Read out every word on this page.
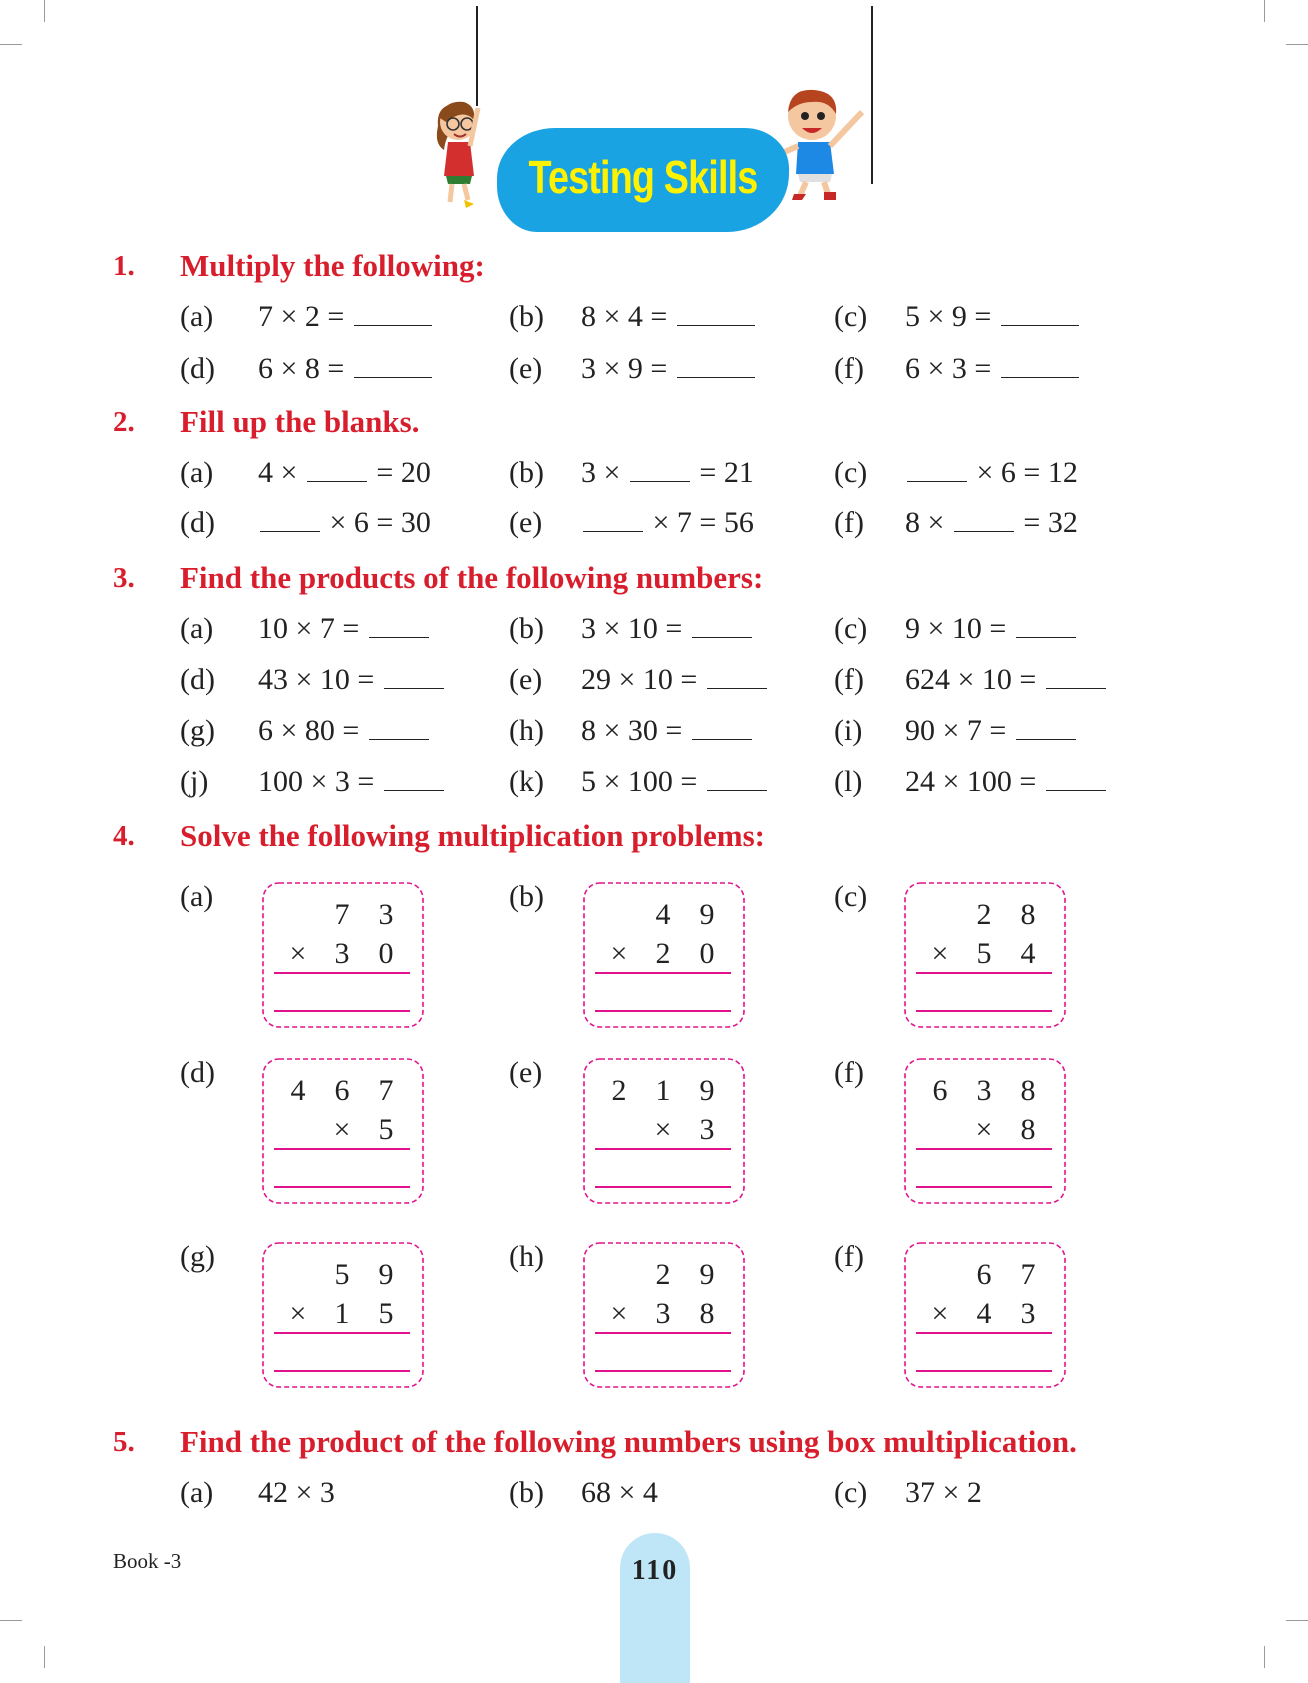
Testing Skills
1. Multiply the following:
(a) 7 × 2 =	(b) 8 × 4 =	(c) 5 × 9 =
(d) 6 × 8 =	(e) 3 × 9 =	(f) 6 × 3 =
2. Fill up the blanks.
(a) 4 ×	= 20	(b) 3 ×	= 21	(c)	× 6 = 12
(d)	× 6 = 30	(e)	× 7 = 56	(f) 8 ×	= 32
3. Find the products of the following numbers:
(a) 10 × 7 =	(b) 3 × 10 =	(c) 9 × 10 =
(d) 43 × 10 =	(e) 29 × 10 =	(f) 624 × 10 =
(g) 6 × 80 =	(h) 8 × 30 =	(i) 90 × 7 =
(j) 100 × 3 =	(k) 5 × 100 =	(l) 24 × 100 =
4. Solve the following multiplication problems:
(a)
7 3
× 3 0
(b)
4 9
× 2 0
(c)
2 8
× 5 4
(d)
4 6 7
× 5
(e)
2 1 9
× 3
(f)
6 3 8
× 8
(g)
5 9
× 1 5
(h)
2 9
× 3 8
(f)
6 7
× 4 3
5. Find the product of the following numbers using box multiplication.
(a) 42 × 3	(b) 68 × 4	(c) 37 × 2
Book -3	110
